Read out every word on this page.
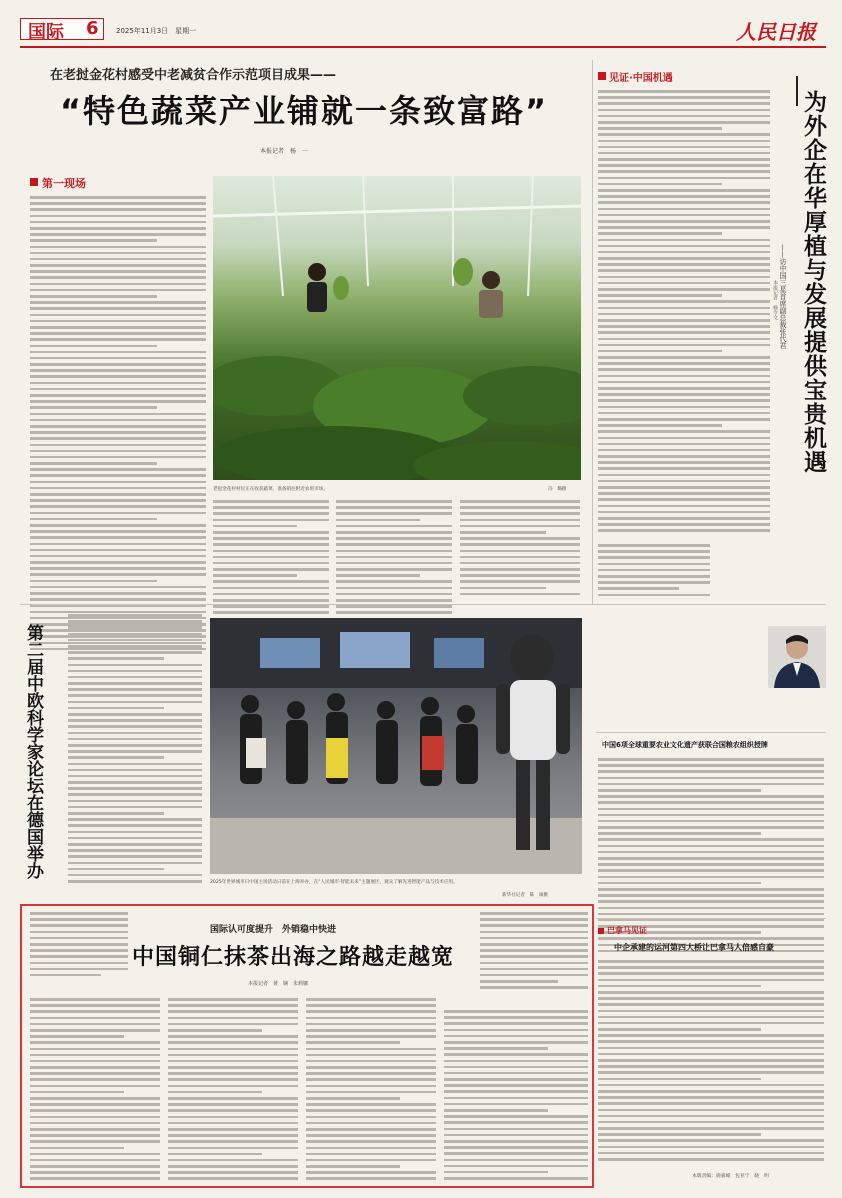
国际 6 2025年11月3日　星期一	人民日报
在老挝金花村感受中老减贫合作示范项目成果——
“特色蔬菜产业铺就一条致富路”
本报记者　杨　一
第一现场
老挝金花村村民正在收获蔬菜，准备销往附近农贸市场。	冯　璐摄
见证·中国机遇
为外企在华厚植与发展提供宝贵机遇
——访中国三星首席副总裁张代君
本报记者　杨令文
第二届中欧科学家论坛在德国举办
2025年世界城市日中国主场活动日前在上海举办，在“人民城市·智能未来”主题展区，观众了解先进智能产品与技术应用。
新华社记者　陈　诚摄
中国6项全球重要农业文化遗产获联合国粮农组织授牌
国际认可度提升　外销稳中快进
中国铜仁抹茶出海之路越走越宽
本报记者　黄　娴　朱莉娜
巴拿马见证
中企承建的运河第四大桥让巴拿马人倍感自豪
本版责编：鹿嘉嵘　包亚宁　晓　明
